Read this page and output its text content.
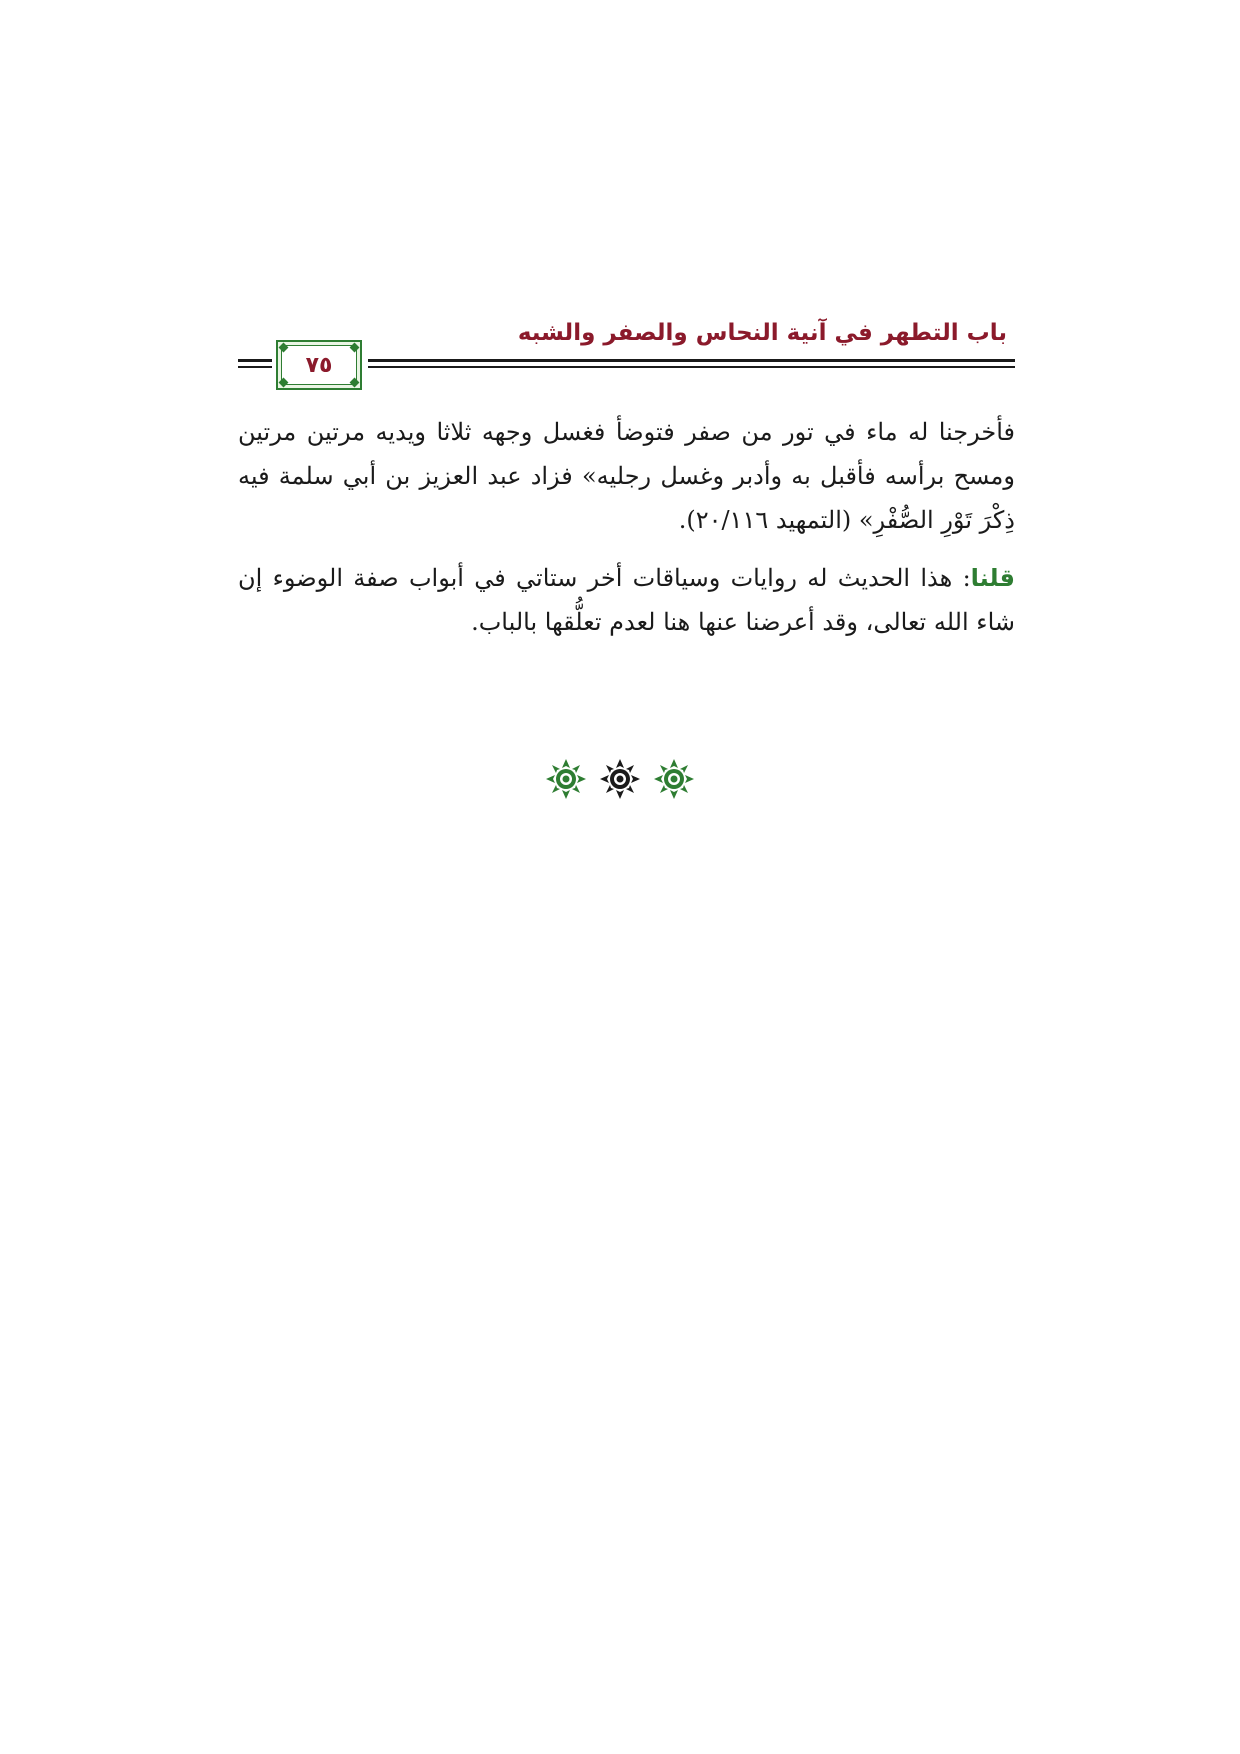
باب التطهر في آنية النحاس والصفر والشبه
٧٥

فأخرجنا له ماء في تور من صفر فتوضأ فغسل وجهه ثلاثا ويديه مرتين مرتين ومسح برأسه فأقبل به وأدبر وغسل رجليه» فزاد عبد العزيز بن أبي سلمة فيه ذِكْرَ تَوْرِ الصُّفْرِ» (التمهيد ٢٠/١١٦).

قلنا: هذا الحديث له روايات وسياقات أخر ستاتي في أبواب صفة الوضوء إن شاء الله تعالى، وقد أعرضنا عنها هنا لعدم تعلُّقها بالباب.
